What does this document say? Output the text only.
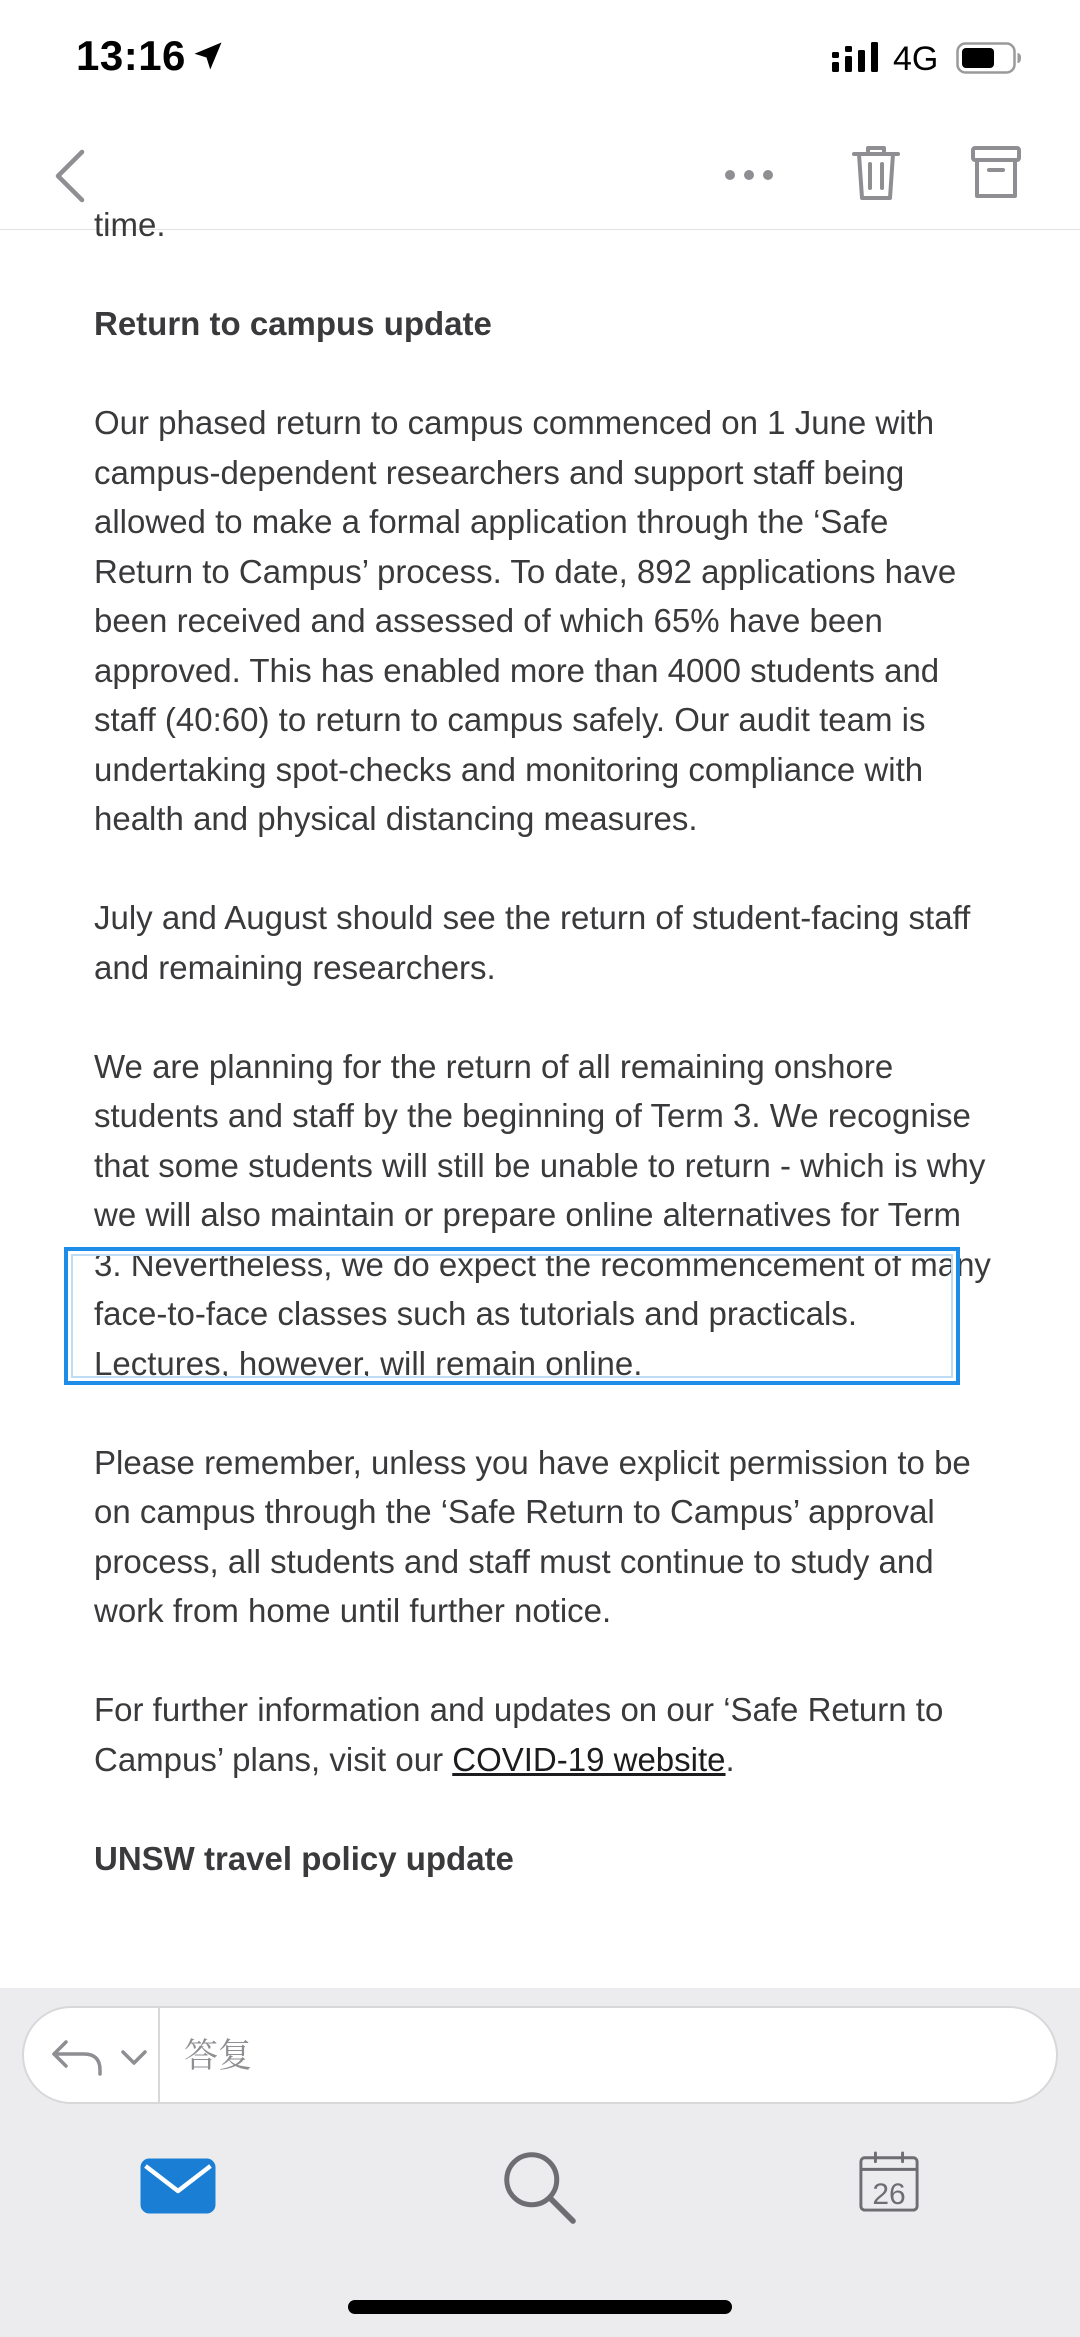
13:16	4G

time.

Return to campus update

Our phased return to campus commenced on 1 June with campus-dependent researchers and support staff being allowed to make a formal application through the ‘Safe Return to Campus’ process. To date, 892 applications have been received and assessed of which 65% have been approved. This has enabled more than 4000 students and staff (40:60) to return to campus safely. Our audit team is undertaking spot-checks and monitoring compliance with health and physical distancing measures.

July and August should see the return of student-facing staff and remaining researchers.

We are planning for the return of all remaining onshore students and staff by the beginning of Term 3. We recognise that some students will still be unable to return - which is why we will also maintain or prepare online alternatives for Term 3. Nevertheless, we do expect the recommencement of many face-to-face classes such as tutorials and practicals. Lectures, however, will remain online.

Please remember, unless you have explicit permission to be on campus through the ‘Safe Return to Campus’ approval process, all students and staff must continue to study and work from home until further notice.

For further information and updates on our ‘Safe Return to Campus’ plans, visit our COVID-19 website.

UNSW travel policy update

答复
26
